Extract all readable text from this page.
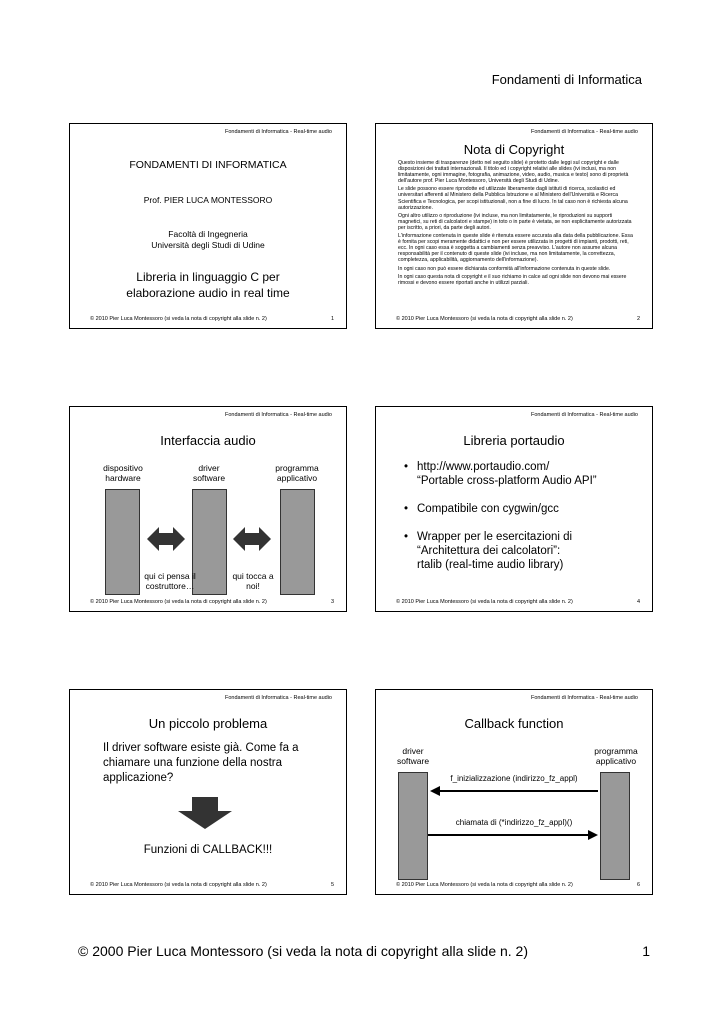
Fondamenti di Informatica
Fondamenti di Informatica - Real-time audio
FONDAMENTI DI INFORMATICA
Prof. PIER LUCA MONTESSORO
Facoltà di Ingegneria
Università degli Studi di Udine
Libreria in linguaggio C per
elaborazione audio in real time
© 2010 Pier Luca Montessoro (si veda la nota di copyright alla slide n. 2)	1
Fondamenti di Informatica - Real-time audio
Nota di Copyright

Questo insieme di trasparenze (detto nel seguito slide) è protetto dalle leggi sul copyright e dalle disposizioni dei trattati internazionali. Il titolo ed i copyright relativi alle slides (ivi inclusi, ma non limitatamente, ogni immagine, fotografia, animazione, video, audio, musica e testo) sono di proprietà dell'autore prof. Pier Luca Montessoro, Università degli Studi di Udine.

Le slide possono essere riprodotte ed utilizzate liberamente dagli istituti di ricerca, scolastici ed universitari afferenti al Ministero della Pubblica Istruzione e al Ministero dell'Università e Ricerca Scientifica e Tecnologica, per scopi istituzionali, non a fine di lucro. In tal caso non è richiesta alcuna autorizzazione.

Ogni altro utilizzo o riproduzione (ivi incluse, ma non limitatamente, le riproduzioni su supporti magnetici, su reti di calcolatori e stampe) in toto o in parte è vietata, se non esplicitamente autorizzata per iscritto, a priori, da parte degli autori.

L'informazione contenuta in queste slide è ritenuta essere accurata alla data della pubblicazione. Essa è fornita per scopi meramente didattici e non per essere utilizzata in progetti di impianti, prodotti, reti, ecc. In ogni caso essa è soggetta a cambiamenti senza preavviso. L'autore non assume alcuna responsabilità per il contenuto di queste slide (ivi incluse, ma non limitatamente, la correttezza, completezza, applicabilità, aggiornamento dell'informazione).

In ogni caso non può essere dichiarata conformità all'informazione contenuta in queste slide.

In ogni caso questa nota di copyright e il suo richiamo in calce ad ogni slide non devono mai essere rimossi e devono essere riportati anche in utilizzi parziali.

© 2010 Pier Luca Montessoro (si veda la nota di copyright alla slide n. 2)	2
Fondamenti di Informatica - Real-time audio
Interfaccia audio
dispositivo
hardware
driver
software
programma
applicativo
qui ci pensa il
costruttore…
qui tocca a
noi!
© 2010 Pier Luca Montessoro (si veda la nota di copyright alla slide n. 2)	3
Fondamenti di Informatica - Real-time audio
Libreria portaudio
• http://www.portaudio.com/
“Portable cross-platform Audio API”
• Compatibile con cygwin/gcc
• Wrapper per le esercitazioni di
“Architettura dei calcolatori”:
rtalib (real-time audio library)
© 2010 Pier Luca Montessoro (si veda la nota di copyright alla slide n. 2)	4
Fondamenti di Informatica - Real-time audio
Un piccolo problema
Il driver software esiste già. Come fa a
chiamare una funzione della nostra
applicazione?
Funzioni di CALLBACK!!!
© 2010 Pier Luca Montessoro (si veda la nota di copyright alla slide n. 2)	5
Fondamenti di Informatica - Real-time audio
Callback function
driver
software
programma
applicativo
f_inizializzazione (indirizzo_fz_appl)
chiamata di (*indirizzo_fz_appl)()
© 2010 Pier Luca Montessoro (si veda la nota di copyright alla slide n. 2)	6
© 2000 Pier Luca Montessoro (si veda la nota di copyright alla slide n. 2)	1
